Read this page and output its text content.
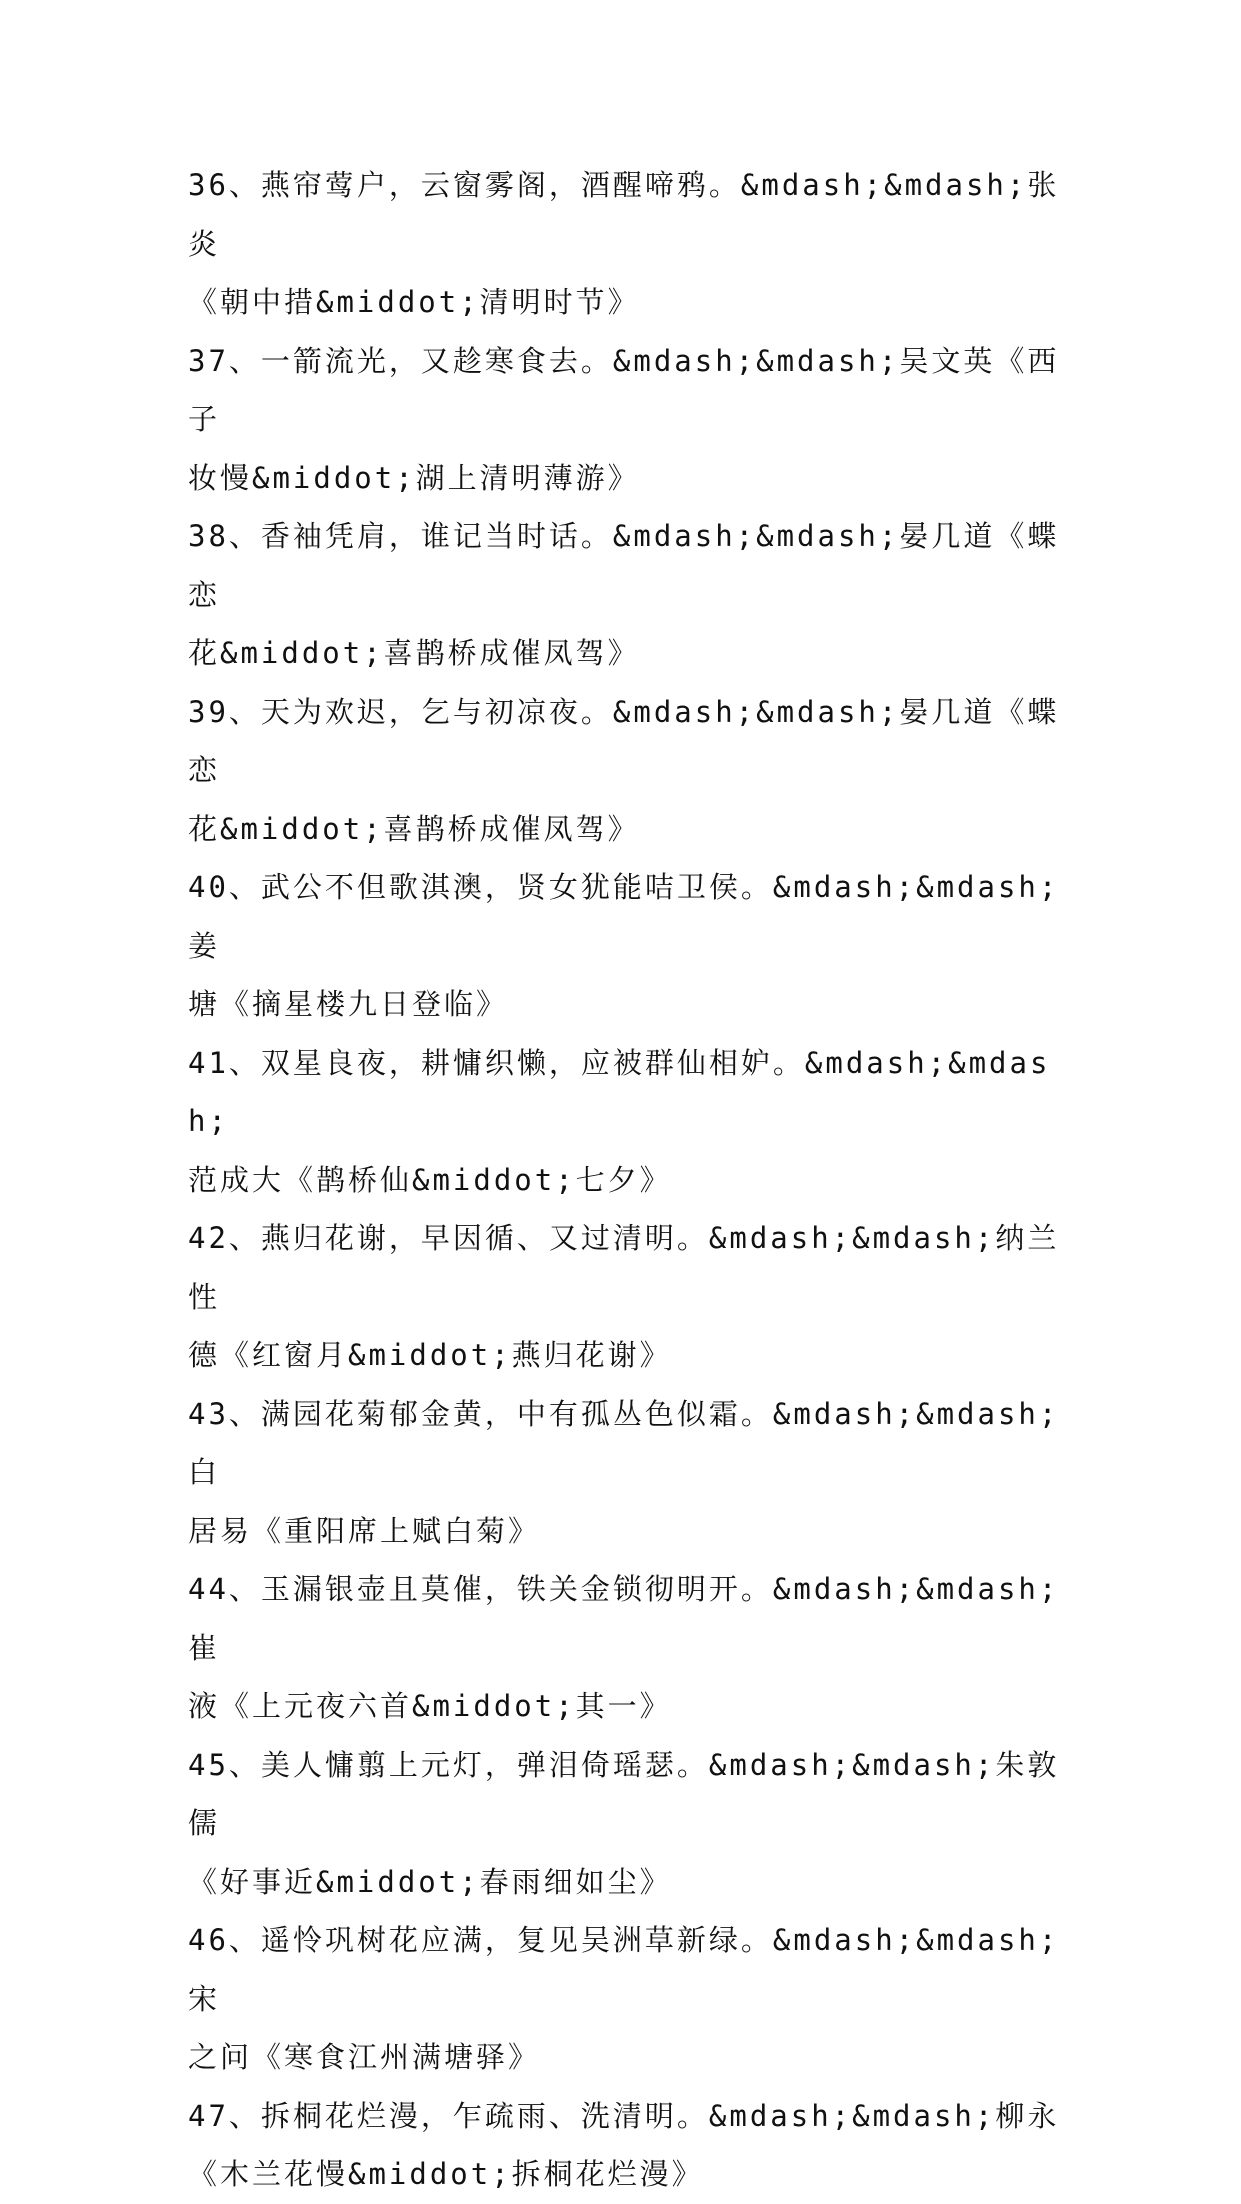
36、燕帘莺户，云窗雾阁，酒醒啼鸦。&mdash;&mdash;张炎
《朝中措&middot;清明时节》

37、一箭流光，又趁寒食去。&mdash;&mdash;吴文英《西子
妆慢&middot;湖上清明薄游》

38、香袖凭肩，谁记当时话。&mdash;&mdash;晏几道《蝶恋
花&middot;喜鹊桥成催凤驾》

39、天为欢迟，乞与初凉夜。&mdash;&mdash;晏几道《蝶恋
花&middot;喜鹊桥成催凤驾》

40、武公不但歌淇澳，贤女犹能咭卫侯。&mdash;&mdash;姜
塘《摘星楼九日登临》

41、双星良夜，耕慵织懒，应被群仙相妒。&mdash;&mdash;
范成大《鹊桥仙&middot;七夕》

42、燕归花谢，早因循、又过清明。&mdash;&mdash;纳兰性
德《红窗月&middot;燕归花谢》

43、满园花菊郁金黄，中有孤丛色似霜。&mdash;&mdash;白
居易《重阳席上赋白菊》

44、玉漏银壶且莫催，铁关金锁彻明开。&mdash;&mdash;崔
液《上元夜六首&middot;其一》

45、美人慵翦上元灯，弹泪倚瑶瑟。&mdash;&mdash;朱敦儒
《好事近&middot;春雨细如尘》

46、遥怜巩树花应满，复见吴洲草新绿。&mdash;&mdash;宋
之问《寒食江州满塘驿》

47、拆桐花烂漫，乍疏雨、洗清明。&mdash;&mdash;柳永
《木兰花慢&middot;拆桐花烂漫》
